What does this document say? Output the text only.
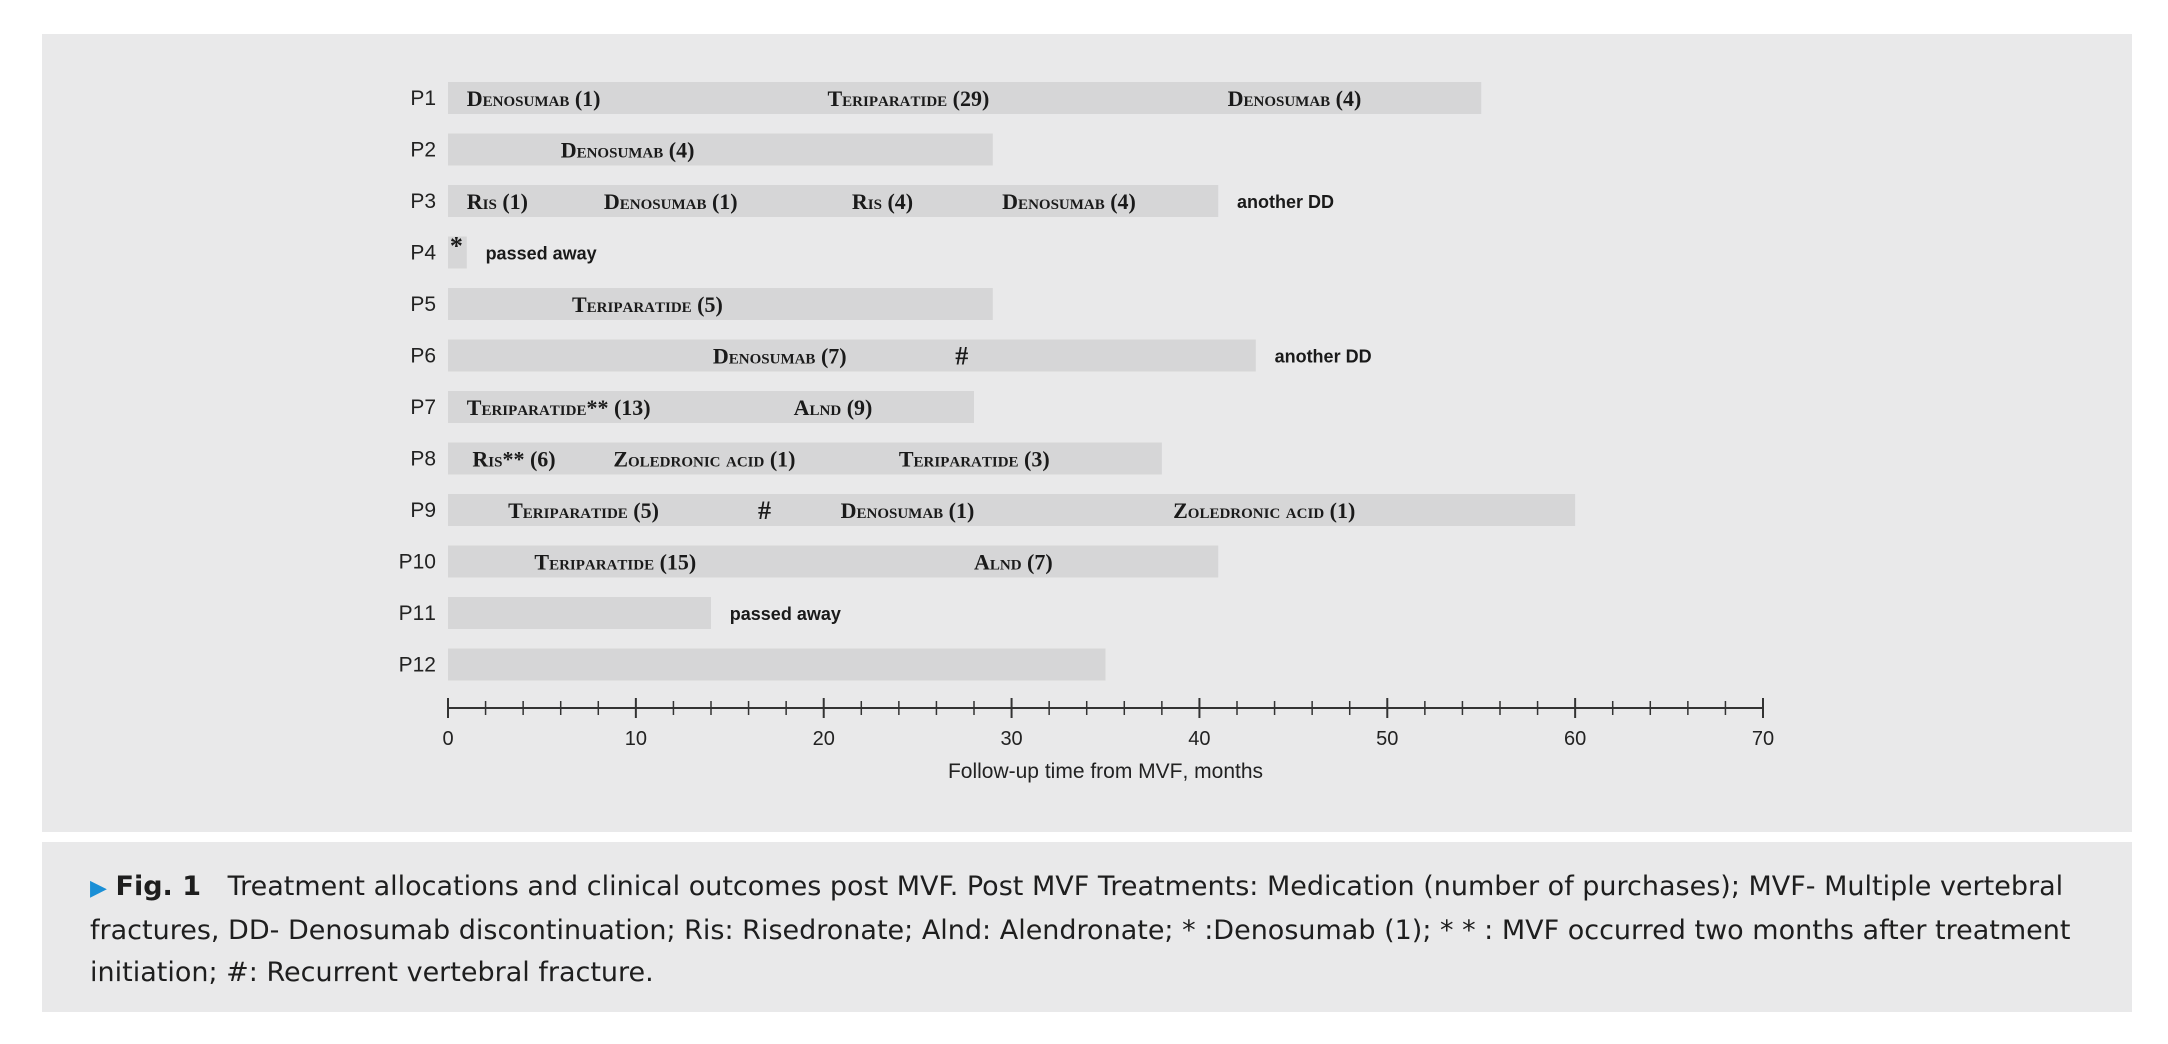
P1 Denosumab (1)	Teriparatide (29)	Denosumab (4)
P2	Denosumab (4)
P3 Ris (1)	Denosumab (1)	Ris (4)	Denosumab (4)	another DD
P4 * passed away
P5	Teriparatide (5)
P6	Denosumab (7)	#	another DD
P7 Teriparatide** (13)	Alnd (9)
P8 Ris** (6)	Zoledronic acid (1)	Teriparatide (3)
P9	Teriparatide (5)	Denosumab (1)	Zoledronic acid (1)
#
P10	Teriparatide (15)	Alnd (7)
P11	passed away
P12
0	10	20	30	40	50	60	70
Follow-up time from MVF, months
▶ Fig. 1 Treatment allocations and clinical outcomes post MVF. Post MVF Treatments: Medication (number of purchases); MVF- Multiple vertebral fractures, DD- Denosumab discontinuation; Ris: Risedronate; Alnd: Alendronate; * :Denosumab (1); * * : MVF occurred two months after treatment initiation; #: Recurrent vertebral fracture.
